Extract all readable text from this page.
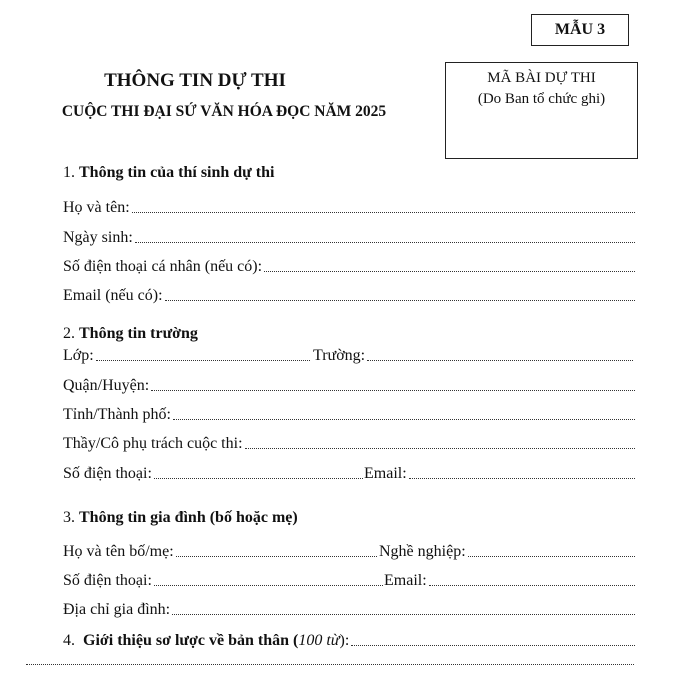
MẪU 3
THÔNG TIN DỰ THI
CUỘC THI ĐẠI SỨ VĂN HÓA ĐỌC NĂM 2025
MÃ BÀI DỰ THI
(Do Ban tổ chức ghi)
1. Thông tin của thí sinh dự thi
Họ và tên:
Ngày sinh:
Số điện thoại cá nhân (nếu có):
Email (nếu có):
2. Thông tin trường
Lớp:	Trường:
Quận/Huyện:
Tỉnh/Thành phố:
Thầy/Cô phụ trách cuộc thi:
Số điện thoại:	Email:
3. Thông tin gia đình (bố hoặc mẹ)
Họ và tên bố/mẹ:	Nghề nghiệp:
Số điện thoại:	Email:
Địa chỉ gia đình:
4. Giới thiệu sơ lược về bản thân ( 100 từ ):
